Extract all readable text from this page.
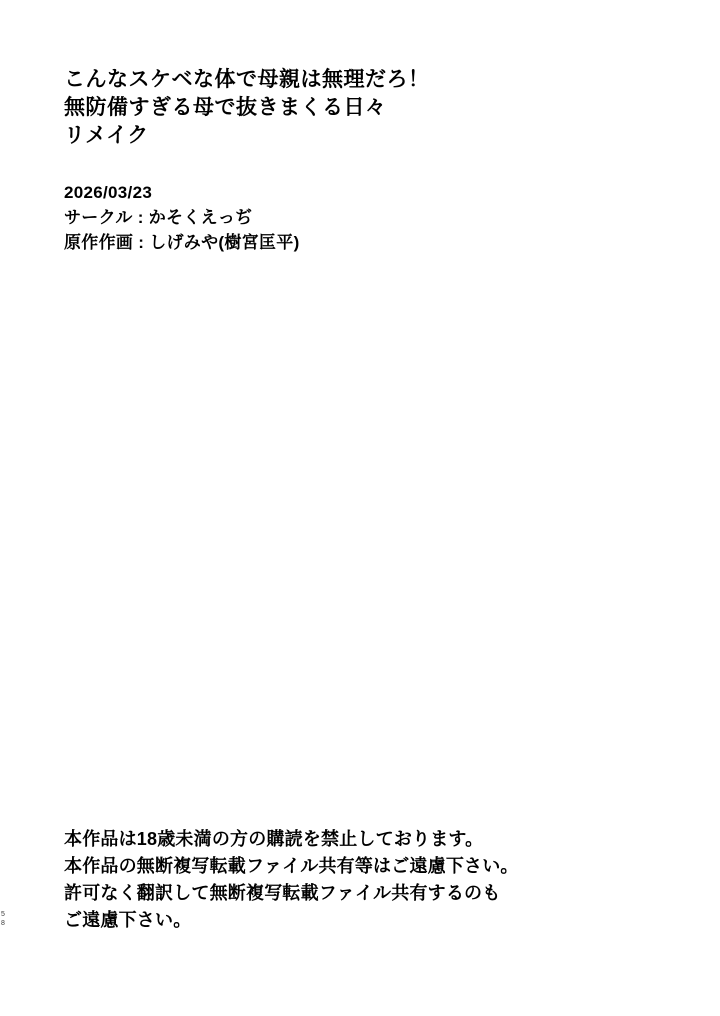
こんなスケベな体で母親は無理だろ！
無防備すぎる母で抜きまくる日々
リメイク
2026/03/23
サークル : かそくえっぢ
原作作画 : しげみや(樹宮匡平)
本作品は18歳未満の方の購読を禁止しております。
本作品の無断複写転載ファイル共有等はご遠慮下さい。
許可なく翻訳して無断複写転載ファイル共有するのも
ご遠慮下さい。
5
8
